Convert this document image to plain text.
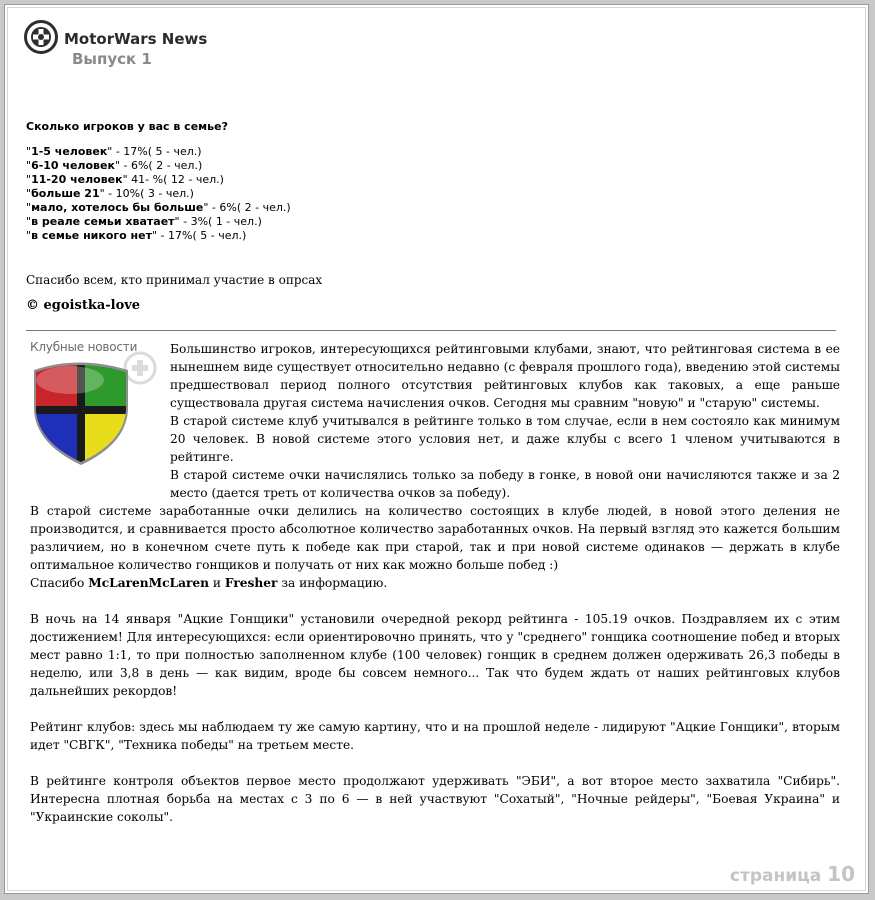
MotorWars News
Выпуск 1
Сколько игроков у вас в семье?
"1-5 человек" - 17%( 5 - чел.)
"6-10 человек" - 6%( 2 - чел.)
"11-20 человек" 41- %( 12 - чел.)
"больше 21" - 10%( 3 - чел.)
"мало, хотелось бы больше" - 6%( 2 - чел.)
"в реале семьи хватает" - 3%( 1 - чел.)
"в семье никого нет" - 17%( 5 - чел.)
Спасибо всем, кто принимал участие в опрсах
© egoistka-love

Большинство игроков, интересующихся рейтинговыми клубами, знают, что рейтинговая система в ее нынешнем виде существует относительно недавно (с февраля прошлого года), введению этой системы предшествовал период полного отсутствия рейтинговых клубов как таковых, а еще раньше существовала другая система начисления очков. Сегодня мы сравним "новую" и "старую" системы.

В старой системе клуб учитывался в рейтинге только в том случае, если в нем состояло как минимум 20 человек. В новой системе этого условия нет, и даже клубы с всего 1 членом учитываются в рейтинге.

В старой системе очки начислялись только за победу в гонке, в новой они начисляются также и за 2 место (дается треть от количества очков за победу).

В старой системе заработанные очки делились на количество состоящих в клубе людей, в новой этого деления не производится, и сравнивается просто абсолютное количество заработанных очков. На первый взгляд это кажется большим различием, но в конечном счете путь к победе как при старой, так и при новой системе одинаков — держать в клубе оптимальное количество гонщиков и получать от них как можно больше побед :)

Спасибо McLarenMcLaren и Fresher за информацию.

В ночь на 14 января "Ацкие Гонщики" установили очередной рекорд рейтинга - 105.19 очков. Поздравляем их с этим достижением! Для интересующихся: если ориентировочно принять, что у "среднего" гонщика соотношение побед и вторых мест равно 1:1, то при полностью заполненном клубе (100 человек) гонщик в среднем должен одерживать 26,3 победы в неделю, или 3,8 в день — как видим, вроде бы совсем немного... Так что будем ждать от наших рейтинговых клубов дальнейших рекордов!

Рейтинг клубов: здесь мы наблюдаем ту же самую картину, что и на прошлой неделе - лидируют "Ацкие Гонщики", вторым идет "СВГК", "Техника победы" на третьем месте.

В рейтинге контроля объектов первое место продолжают удерживать "ЭБИ", а вот второе место захватила "Сибирь". Интересна плотная борьба на местах с 3 по 6 — в ней участвуют "Сохатый", "Ночные рейдеры", "Боевая Украина" и "Украинские соколы".

Клубные новости
страница 10
